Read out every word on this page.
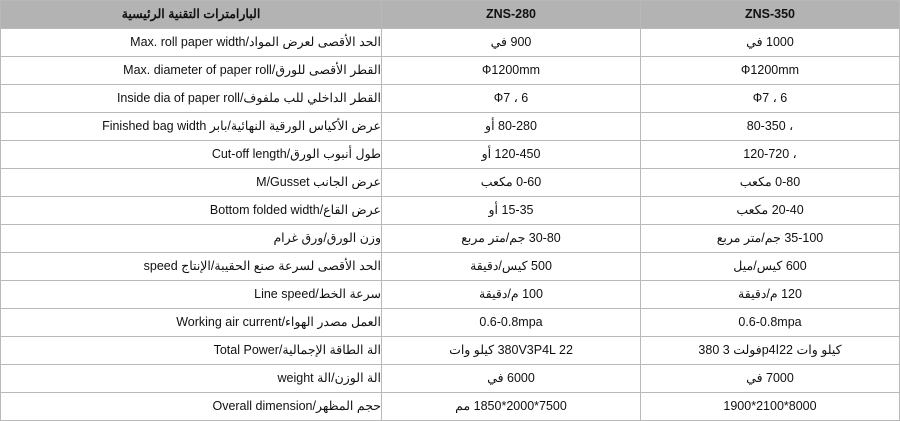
البارامترات التقنية الرئيسية	ZNS-280	ZNS-350

الحد الأقصى لعرض المواد/Max. roll paper width	900 في	1000 في

القطر الأقصى للورق/Max. diameter of paper roll	Ф1200mm	Ф1200mm

القطر الداخلي للب ملفوف/Inside dia of paper roll	Ф7 ، 6	Ф7 ، 6

عرض الأكياس الورقية النهائية/بابر Finished bag width	80-280 أو	، 80-350

طول أنبوب الورق/Cut-off length	120-450 أو	، 120-720

عرض الجانب M/Gusset	0-60 مكعب	0-80 مكعب

عرض القاع/Bottom folded width	15-35 أو	20-40 مكعب

وزن الورق/ورق غرام	30-80 جم/متر مربع	35-100 جم/متر مربع

الحد الأقصى لسرعة صنع الحقيبة/الإنتاج speed	500 كيس/دقيقة	600 كيس/ميل

سرعة الخط/Line speed	100 م/دقيقة	120 م/دقيقة

العمل مصدر الهواء/Working air current	0.6-0.8mpa	0.6-0.8mpa

الة الطاقة الإجمالية/Total Power	380V3P4L 22 كيلو وات	كيلو وات 22اp4فولت 3 380

الة الوزن/الة weight	6000 في	7000 في

حجم المظهر/Overall dimension	7500*2000*1850 مم	8000*2100*1900
